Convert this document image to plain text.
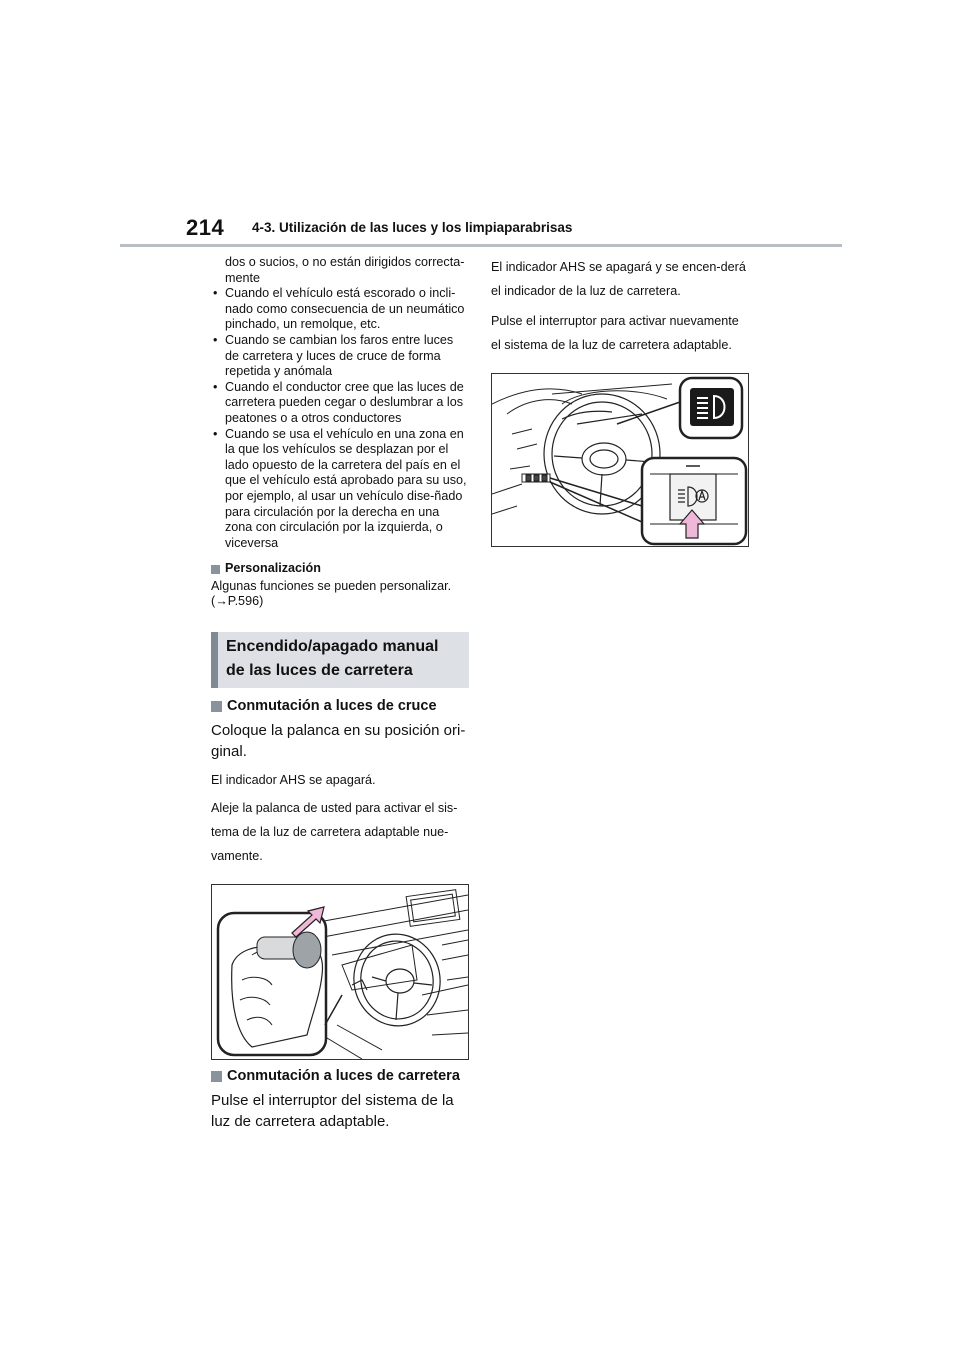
214 4-3. Utilización de las luces y los limpiaparabrisas

dos o sucios, o no están dirigidos correcta-mente

• Cuando el vehículo está escorado o incli-nado como consecuencia de un neumático pinchado, un remolque, etc.
• Cuando se cambian los faros entre luces de carretera y luces de cruce de forma repetida y anómala
• Cuando el conductor cree que las luces de carretera pueden cegar o deslumbrar a los peatones o a otros conductores
• Cuando se usa el vehículo en una zona en la que los vehículos se desplazan por el lado opuesto de la carretera del país en el que el vehículo está aprobado para su uso, por ejemplo, al usar un vehículo dise-ñado para circulación por la derecha en una zona con circulación por la izquierda, o viceversa
Personalización

Algunas funciones se pueden personalizar.

(→P.596)

Encendido/apagado manual de las luces de carretera
Conmutación a luces de cruce

Coloque la palanca en su posición ori-ginal.

El indicador AHS se apagará.

Aleje la palanca de usted para activar el sis-tema de la luz de carretera adaptable nue-vamente.

Conmutación a luces de carretera

Pulse el interruptor del sistema de la luz de carretera adaptable.

El indicador AHS se apagará y se encen-derá el indicador de la luz de carretera.

Pulse el interruptor para activar nuevamente el sistema de la luz de carretera adaptable.
